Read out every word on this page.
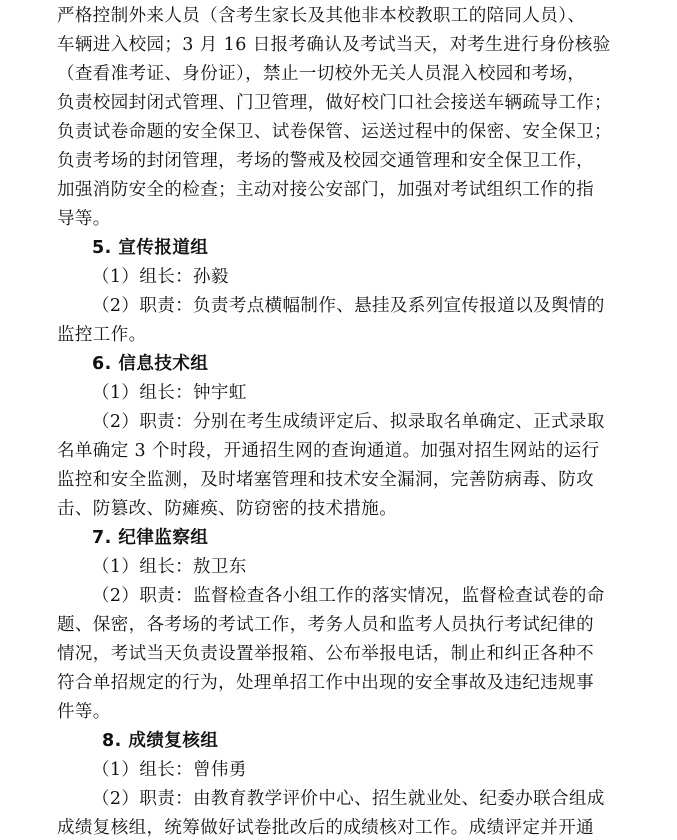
严格控制外来人员（含考生家长及其他非本校教职工的陪同人员）、
车辆进入校园；3 月 16 日报考确认及考试当天，对考生进行身份核验
（查看准考证、身份证），禁止一切校外无关人员混入校园和考场，
负责校园封闭式管理、门卫管理，做好校门口社会接送车辆疏导工作；
负责试卷命题的安全保卫、试卷保管、运送过程中的保密、安全保卫；
负责考场的封闭管理，考场的警戒及校园交通管理和安全保卫工作，
加强消防安全的检查；主动对接公安部门，加强对考试组织工作的指
导等。
5. 宣传报道组
（1）组长：孙毅
（2）职责：负责考点横幅制作、悬挂及系列宣传报道以及舆情的
监控工作。
6. 信息技术组
（1）组长：钟宇虹
（2）职责：分别在考生成绩评定后、拟录取名单确定、正式录取
名单确定 3 个时段，开通招生网的查询通道。加强对招生网站的运行
监控和安全监测，及时堵塞管理和技术安全漏洞，完善防病毒、防攻
击、防篡改、防瘫痪、防窃密的技术措施。
7. 纪律监察组
（1）组长：敖卫东
（2）职责：监督检查各小组工作的落实情况，监督检查试卷的命
题、保密，各考场的考试工作，考务人员和监考人员执行考试纪律的
情况，考试当天负责设置举报箱、公布举报电话，制止和纠正各种不
符合单招规定的行为，处理单招工作中出现的安全事故及违纪违规事
件等。
8. 成绩复核组
（1）组长：曾伟勇
（2）职责：由教育教学评价中心、招生就业处、纪委办联合组成
成绩复核组，统筹做好试卷批改后的成绩核对工作。成绩评定并开通
